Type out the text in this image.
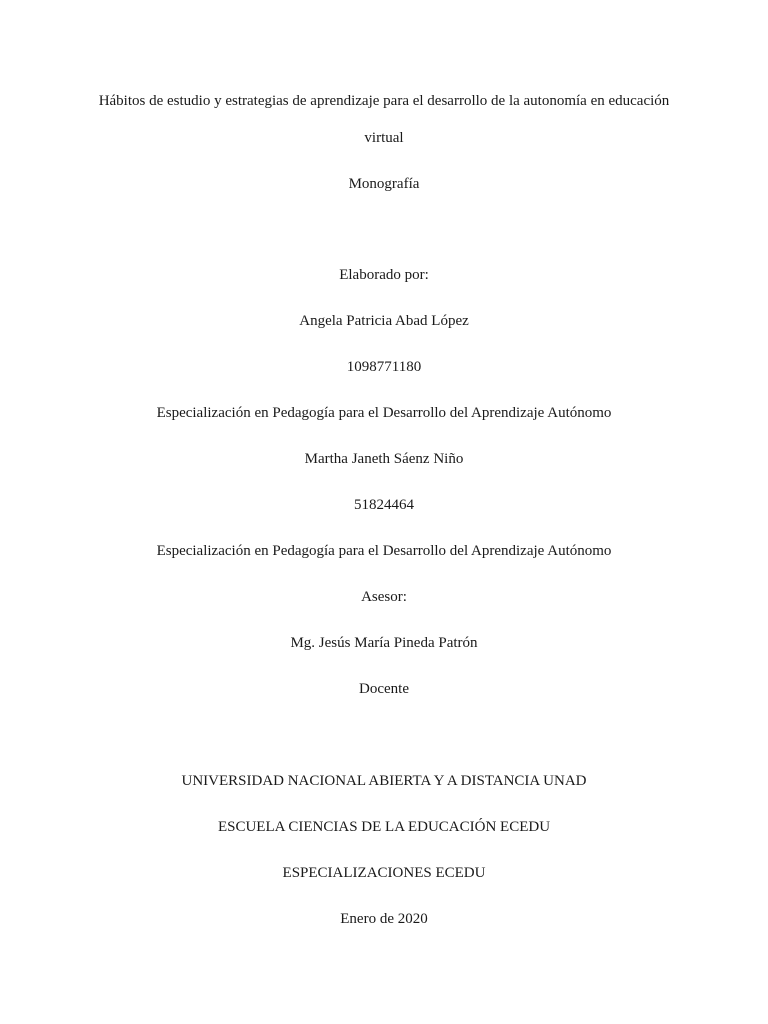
Hábitos de estudio y estrategias de aprendizaje para el desarrollo de la autonomía en educación
virtual
Monografía
Elaborado por:
Angela Patricia Abad López
1098771180
Especialización en Pedagogía para el Desarrollo del Aprendizaje Autónomo
Martha Janeth Sáenz Niño
51824464
Especialización en Pedagogía para el Desarrollo del Aprendizaje Autónomo
Asesor:
Mg. Jesús María Pineda Patrón
Docente
UNIVERSIDAD NACIONAL ABIERTA Y A DISTANCIA UNAD
ESCUELA CIENCIAS DE LA EDUCACIÓN ECEDU
ESPECIALIZACIONES ECEDU
Enero de 2020
